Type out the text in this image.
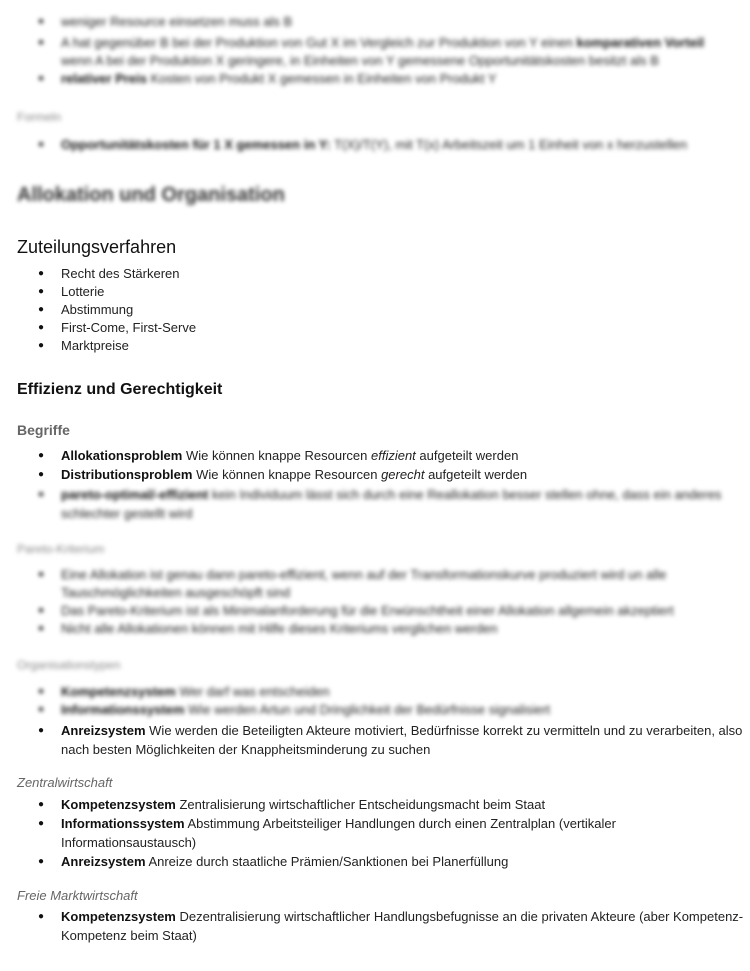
● weniger Resource einsetzen muss als B
● A hat gegenüber B bei der Produktion von Gut X im Vergleich zur Produktion von Y einen komparativen Vorteil
wenn A bei der Produktion X geringere, in Einheiten von Y gemessene Opportunitätskosten besitzt als B
● relativer Preis Kosten von Produkt X gemessen in Einheiten von Produkt Y

Formeln

● Opportunitätskosten für 1 X gemessen in Y: T(X)/T(Y), mit T(x) Arbeitszeit um 1 Einheit von x herzustellen

Allokation und Organisation

Zuteilungsverfahren

● Recht des Stärkeren
● Lotterie
● Abstimmung
● First-Come, First-Serve
● Marktpreise

Effizienz und Gerechtigkeit

Begriffe

● Allokationsproblem Wie können knappe Resourcen effizient aufgeteilt werden
● Distributionsproblem Wie können knappe Resourcen gerecht aufgeteilt werden
● pareto-optimal/-effizient kein Individuum lässt sich durch eine Reallokation besser stellen ohne, dass ein anderes schlechter gestellt wird

Pareto-Kriterium

● Eine Allokation ist genau dann pareto-effizient, wenn auf der Transformationskurve produziert wird un alle Tauschmöglichkeiten ausgeschöpft sind
● Das Pareto-Kriterium ist als Minimalanforderung für die Erwünschtheit einer Allokation allgemein akzeptiert
● Nicht alle Allokationen können mit Hilfe dieses Kriteriums verglichen werden

Organisationstypen

● Kompetenzsystem Wer darf was entscheiden
● Informationssystem Wie werden Artun und Dringlichkeit der Bedürfnisse signalisiert
● Anreizsystem Wie werden die Beteiligten Akteure motiviert, Bedürfnisse korrekt zu vermitteln und zu verarbeiten, also nach besten Möglichkeiten der Knappheitsminderung zu suchen

Zentralwirtschaft

● Kompetenzsystem Zentralisierung wirtschaftlicher Entscheidungsmacht beim Staat
● Informationssystem Abstimmung Arbeitsteiliger Handlungen durch einen Zentralplan (vertikaler Informationsaustausch)
● Anreizsystem Anreize durch staatliche Prämien/Sanktionen bei Planerfüllung

Freie Marktwirtschaft

● Kompetenzsystem Dezentralisierung wirtschaftlicher Handlungsbefugnisse an die privaten Akteure (aber Kompetenz-Kompetenz beim Staat)
